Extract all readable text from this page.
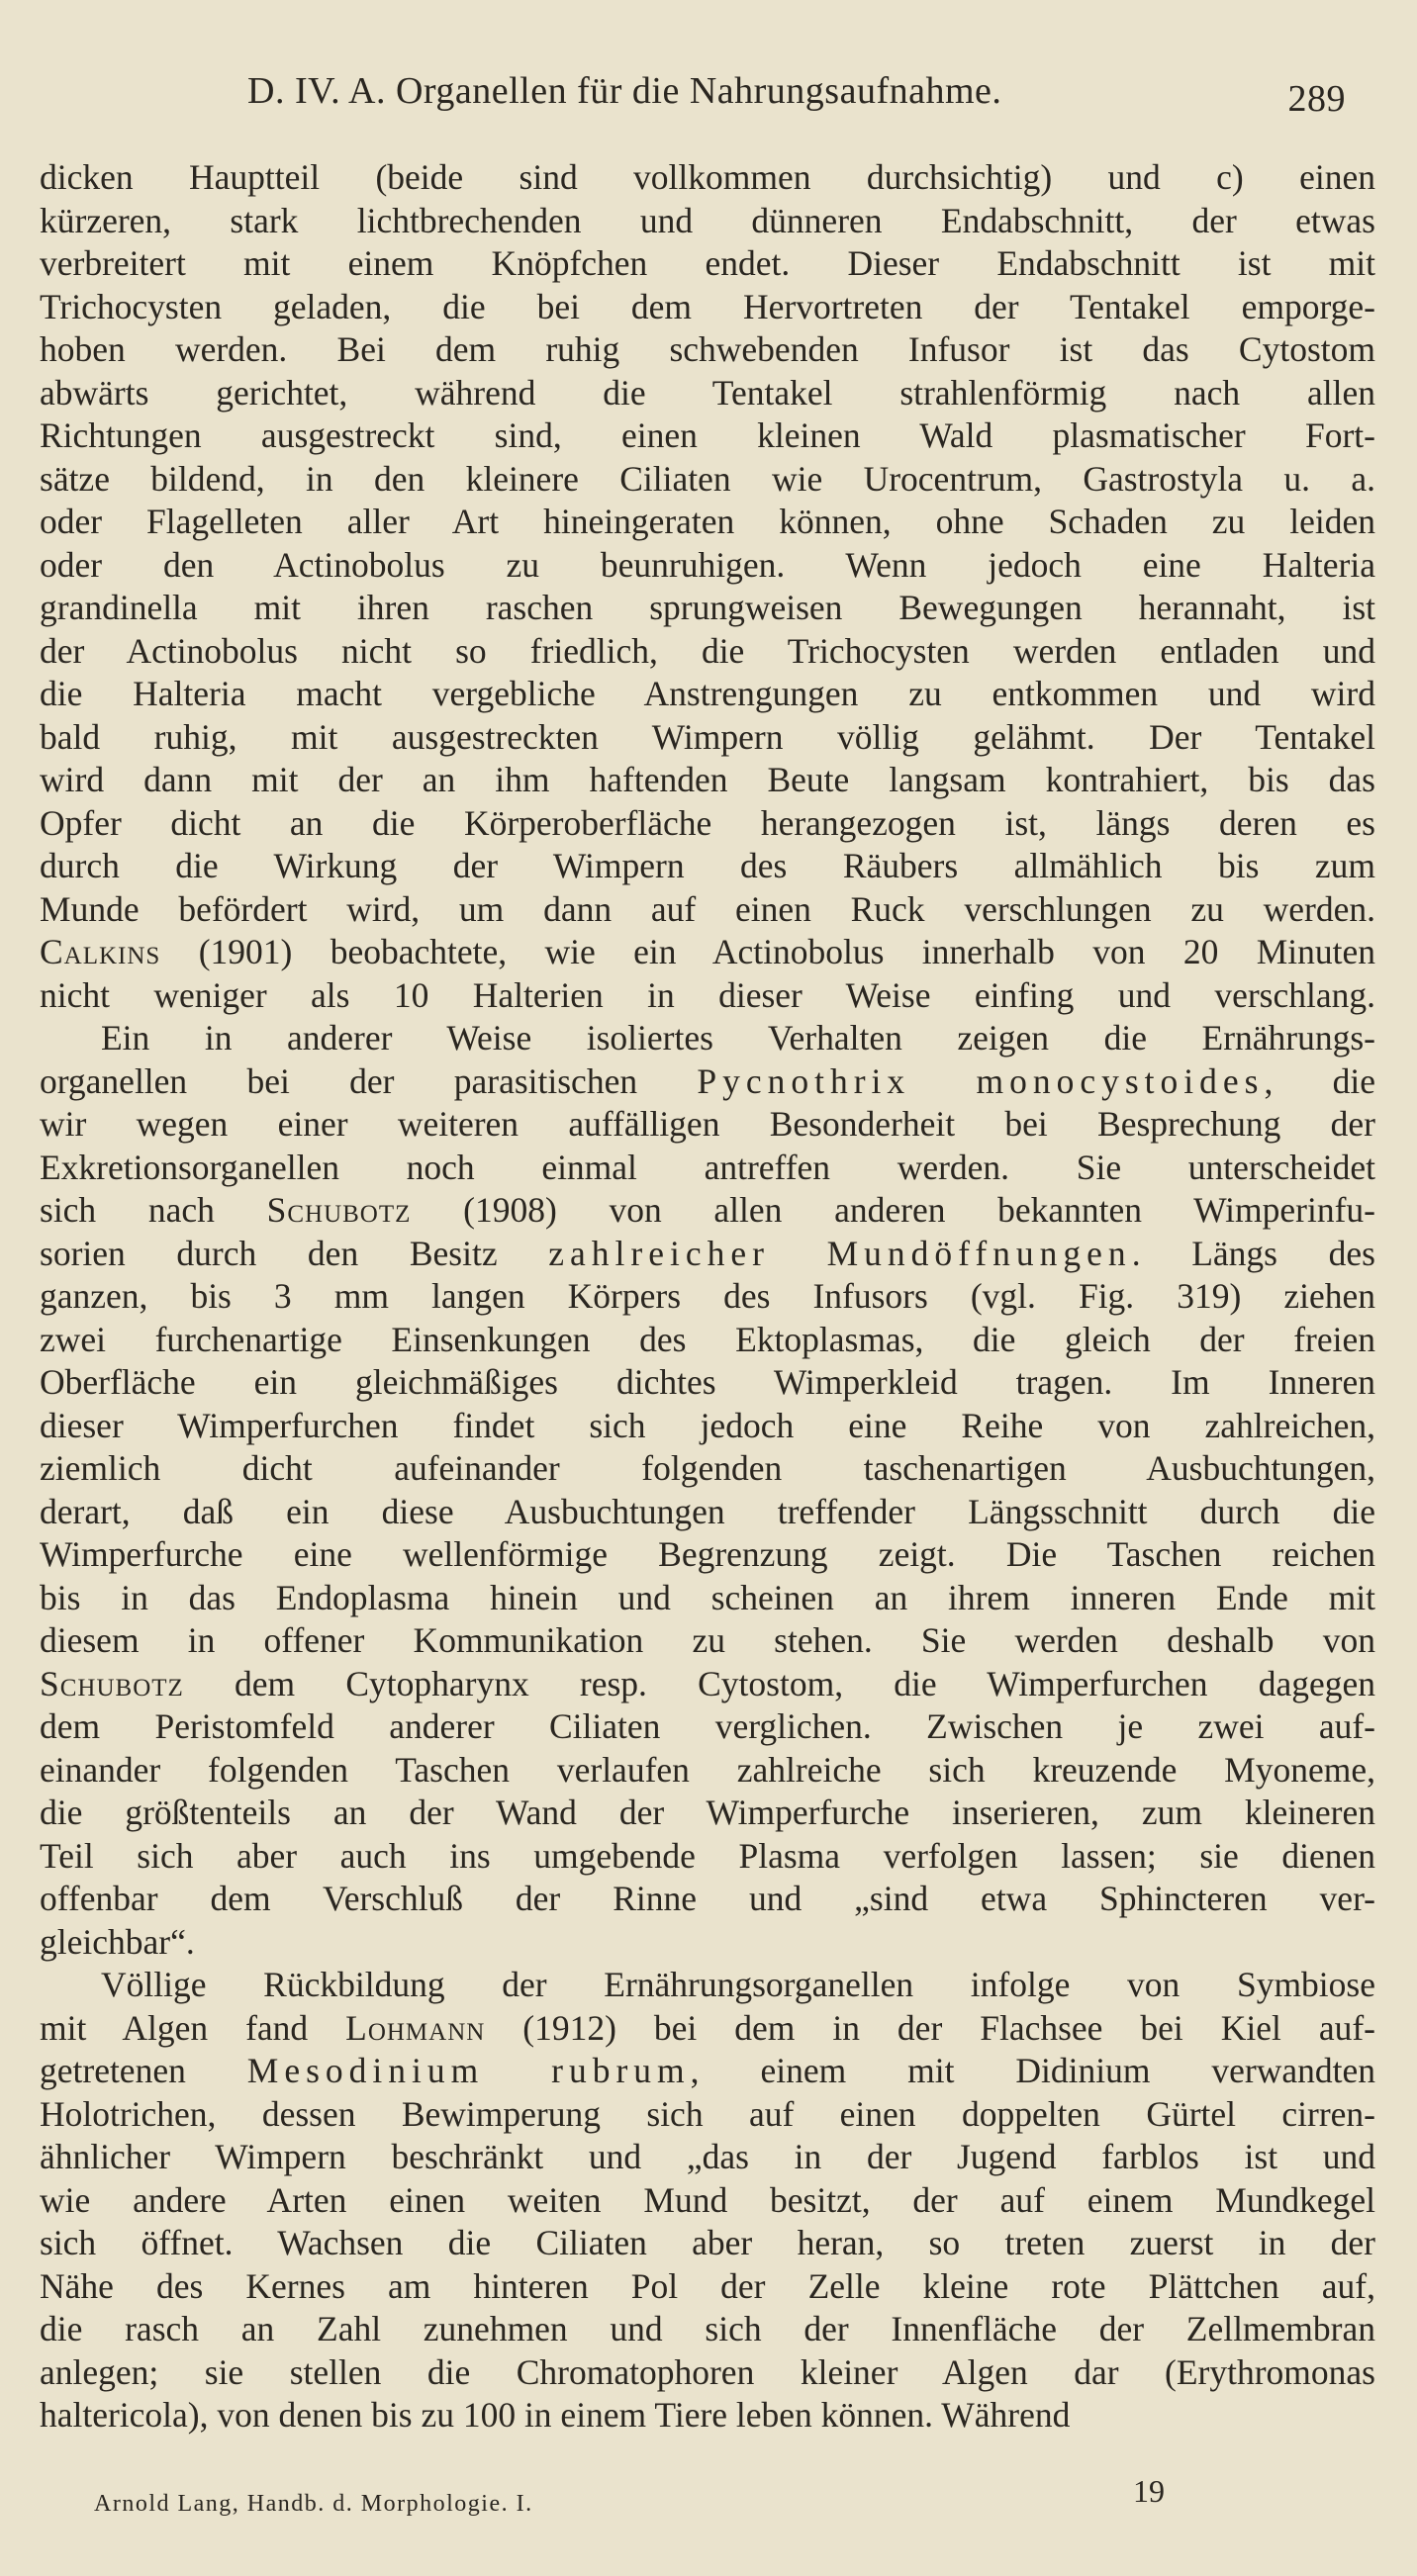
D. IV. A. Organellen für die Nahrungsaufnahme.	289
dicken Hauptteil (beide sind vollkommen durchsichtig) und c) einen
kürzeren, stark lichtbrechenden und dünneren Endabschnitt, der etwas
verbreitert mit einem Knöpfchen endet. Dieser Endabschnitt ist mit
Trichocysten geladen, die bei dem Hervortreten der Tentakel emporge-
hoben werden. Bei dem ruhig schwebenden Infusor ist das Cytostom
abwärts gerichtet, während die Tentakel strahlenförmig nach allen
Richtungen ausgestreckt sind, einen kleinen Wald plasmatischer Fort-
sätze bildend, in den kleinere Ciliaten wie Urocentrum, Gastrostyla u. a.
oder Flagelleten aller Art hineingeraten können, ohne Schaden zu leiden
oder den Actinobolus zu beunruhigen. Wenn jedoch eine Halteria
grandinella mit ihren raschen sprungweisen Bewegungen herannaht, ist
der Actinobolus nicht so friedlich, die Trichocysten werden entladen und
die Halteria macht vergebliche Anstrengungen zu entkommen und wird
bald ruhig, mit ausgestreckten Wimpern völlig gelähmt. Der Tentakel
wird dann mit der an ihm haftenden Beute langsam kontrahiert, bis das
Opfer dicht an die Körperoberfläche herangezogen ist, längs deren es
durch die Wirkung der Wimpern des Räubers allmählich bis zum
Munde befördert wird, um dann auf einen Ruck verschlungen zu werden.
Calkins (1901) beobachtete, wie ein Actinobolus innerhalb von 20 Minuten
nicht weniger als 10 Halterien in dieser Weise einfing und verschlang.
Ein in anderer Weise isoliertes Verhalten zeigen die Ernährungs-
organellen bei der parasitischen Pycnothrix monocystoides, die
wir wegen einer weiteren auffälligen Besonderheit bei Besprechung der
Exkretionsorganellen noch einmal antreffen werden. Sie unterscheidet
sich nach Schubotz (1908) von allen anderen bekannten Wimperinfu-
sorien durch den Besitz zahlreicher Mundöffnungen. Längs des
ganzen, bis 3 mm langen Körpers des Infusors (vgl. Fig. 319) ziehen
zwei furchenartige Einsenkungen des Ektoplasmas, die gleich der freien
Oberfläche ein gleichmäßiges dichtes Wimperkleid tragen. Im Inneren
dieser Wimperfurchen findet sich jedoch eine Reihe von zahlreichen,
ziemlich dicht aufeinander folgenden taschenartigen Ausbuchtungen,
derart, daß ein diese Ausbuchtungen treffender Längsschnitt durch die
Wimperfurche eine wellenförmige Begrenzung zeigt. Die Taschen reichen
bis in das Endoplasma hinein und scheinen an ihrem inneren Ende mit
diesem in offener Kommunikation zu stehen. Sie werden deshalb von
Schubotz dem Cytopharynx resp. Cytostom, die Wimperfurchen dagegen
dem Peristomfeld anderer Ciliaten verglichen. Zwischen je zwei auf-
einander folgenden Taschen verlaufen zahlreiche sich kreuzende Myoneme,
die größtenteils an der Wand der Wimperfurche inserieren, zum kleineren
Teil sich aber auch ins umgebende Plasma verfolgen lassen; sie dienen
offenbar dem Verschluß der Rinne und „sind etwa Sphincteren ver-
gleichbar“.
Völlige Rückbildung der Ernährungsorganellen infolge von Symbiose
mit Algen fand Lohmann (1912) bei dem in der Flachsee bei Kiel auf-
getretenen Mesodinium rubrum, einem mit Didinium verwandten
Holotrichen, dessen Bewimperung sich auf einen doppelten Gürtel cirren-
ähnlicher Wimpern beschränkt und „das in der Jugend farblos ist und
wie andere Arten einen weiten Mund besitzt, der auf einem Mundkegel
sich öffnet. Wachsen die Ciliaten aber heran, so treten zuerst in der
Nähe des Kernes am hinteren Pol der Zelle kleine rote Plättchen auf,
die rasch an Zahl zunehmen und sich der Innenfläche der Zellmembran
anlegen; sie stellen die Chromatophoren kleiner Algen dar (Erythromonas
haltericola), von denen bis zu 100 in einem Tiere leben können. Während
Arnold Lang, Handb. d. Morphologie. I.	19
